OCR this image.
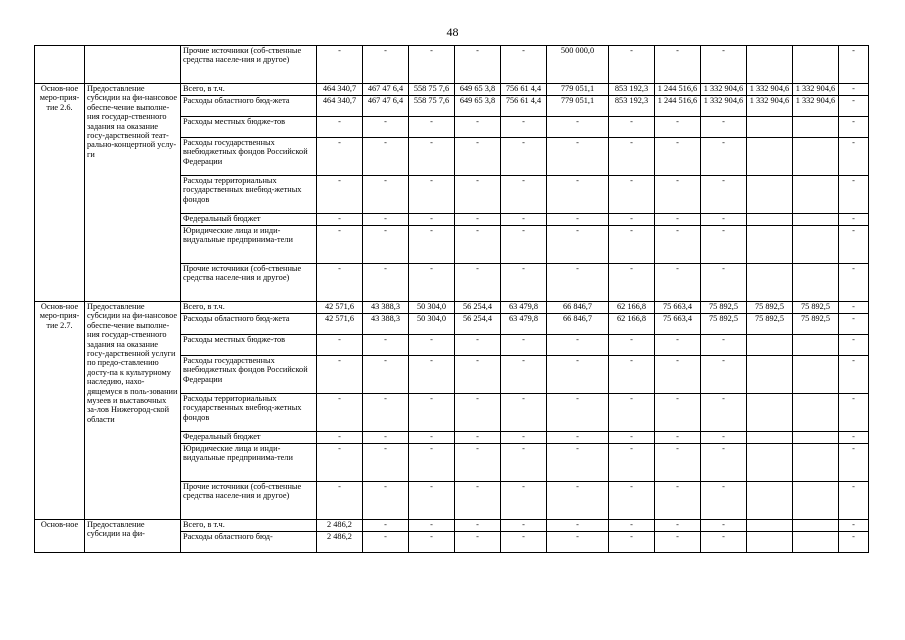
48
		Прочие источники (соб-ственные средства населе-ния и другое)	-	-	-	-	-	500 000,0	-	-	-			-
Основ-ное меро-прия-тие 2.6.	Предоставление субсидии на фи-нансовое обеспе-чение выполне-ния государ-ственного задания на оказание госу-дарственной теат-рально-концертной услу-ги	Всего, в т.ч.	464 340,7	467 47 6,4	558 75 7,6	649 65 3,8	756 61 4,4	779 051,1	853 192,3	1 244 516,6	1 332 904,6	1 332 904,6	1 332 904,6	-
		Расходы областного бюд-жета	464 340,7	467 47 6,4	558 75 7,6	649 65 3,8	756 61 4,4	779 051,1	853 192,3	1 244 516,6	1 332 904,6	1 332 904,6	1 332 904,6	-
		Расходы местных бюдже-тов	-	-	-	-	-	-	-	-	-			-
		Расходы государственных внебюджетных фондов Российской Федерации	-	-	-	-	-	-	-	-	-			-
		Расходы территориальных государственных внебюд-жетных фондов	-	-	-	-	-	-	-	-	-			-
		Федеральный бюджет	-	-	-	-	-	-	-	-	-			-
		Юридические лица и инди-видуальные предпринима-тели	-	-	-	-	-	-	-	-	-			-
		Прочие источники (соб-ственные средства населе-ния и другое)	-	-	-	-	-	-	-	-	-			-
Основ-ное меро-прия-тие 2.7.	Предоставление субсидии на фи-нансовое обеспе-чение выполне-ния государ-ственного задания на оказание госу-дарственной услуги по предо-ставлению досту-па к культурному наследию, нахо-дящемуся в поль-зовании музеев и выставочных за-лов Нижегород-ской области	Всего, в т.ч.	42 571,6	43 388,3	50 304,0	56 254,4	63 479,8	66 846,7	62 166,8	75 663,4	75 892,5	75 892,5	75 892,5	-
		Расходы областного бюд-жета	42 571,6	43 388,3	50 304,0	56 254,4	63 479,8	66 846,7	62 166,8	75 663,4	75 892,5	75 892,5	75 892,5	-
		Расходы местных бюдже-тов	-	-	-	-	-	-	-	-	-			-
		Расходы государственных внебюджетных фондов Российской Федерации	-	-	-	-	-	-	-	-	-			-
		Расходы территориальных государственных внебюд-жетных фондов	-	-	-	-	-	-	-	-	-			-
		Федеральный бюджет	-	-	-	-	-	-	-	-	-			-
		Юридические лица и инди-видуальные предпринима-тели	-	-	-	-	-	-	-	-	-			-
		Прочие источники (соб-ственные средства населе-ния и другое)	-	-	-	-	-	-	-	-	-			-
Основ-ное	Предоставление субсидии на фи-	Всего, в т.ч.	2 486,2	-	-	-	-	-	-	-	-			-
		Расходы областного бюд-	2 486,2	-	-	-	-	-	-	-	-			-
